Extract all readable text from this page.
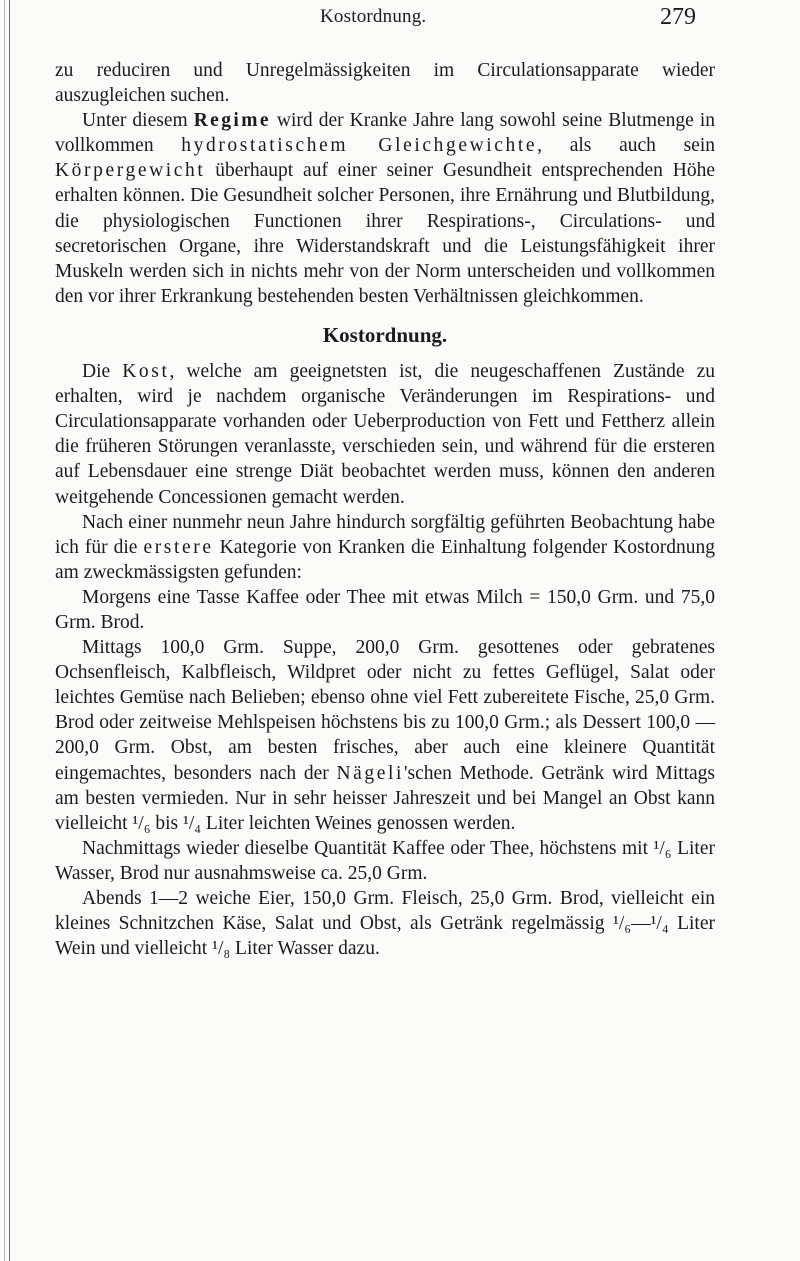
Kostordnung.	279

zu reduciren und Unregelmässigkeiten im Circulationsapparate wieder auszugleichen suchen.

Unter diesem Regime wird der Kranke Jahre lang sowohl seine Blutmenge in vollkommen hydrostatischem Gleichgewichte, als auch sein Körpergewicht überhaupt auf einer seiner Gesundheit entsprechenden Höhe erhalten können. Die Gesundheit solcher Personen, ihre Ernährung und Blutbildung, die physiologischen Functionen ihrer Respirations-, Circulations- und secretorischen Organe, ihre Widerstandskraft und die Leistungsfähigkeit ihrer Muskeln werden sich in nichts mehr von der Norm unterscheiden und vollkommen den vor ihrer Erkrankung bestehenden besten Verhältnissen gleichkommen.

Kostordnung.

Die Kost, welche am geeignetsten ist, die neugeschaffenen Zustände zu erhalten, wird je nachdem organische Veränderungen im Respirations- und Circulationsapparate vorhanden oder Ueberproduction von Fett und Fettherz allein die früheren Störungen veranlasste, verschieden sein, und während für die ersteren auf Lebensdauer eine strenge Diät beobachtet werden muss, können den anderen weitgehende Concessionen gemacht werden.

Nach einer nunmehr neun Jahre hindurch sorgfältig geführten Beobachtung habe ich für die erstere Kategorie von Kranken die Einhaltung folgender Kostordnung am zweckmässigsten gefunden:

Morgens eine Tasse Kaffee oder Thee mit etwas Milch = 150,0 Grm. und 75,0 Grm. Brod.

Mittags 100,0 Grm. Suppe, 200,0 Grm. gesottenes oder gebratenes Ochsenfleisch, Kalbfleisch, Wildpret oder nicht zu fettes Geflügel, Salat oder leichtes Gemüse nach Belieben; ebenso ohne viel Fett zubereitete Fische, 25,0 Grm. Brod oder zeitweise Mehlspeisen höchstens bis zu 100,0 Grm.; als Dessert 100,0 — 200,0 Grm. Obst, am besten frisches, aber auch eine kleinere Quantität eingemachtes, besonders nach der Nägeli'schen Methode. Getränk wird Mittags am besten vermieden. Nur in sehr heisser Jahreszeit und bei Mangel an Obst kann vielleicht ¹/₆ bis ¹/₄ Liter leichten Weines genossen werden.

Nachmittags wieder dieselbe Quantität Kaffee oder Thee, höchstens mit ¹/₆ Liter Wasser, Brod nur ausnahmsweise ca. 25,0 Grm.

Abends 1—2 weiche Eier, 150,0 Grm. Fleisch, 25,0 Grm. Brod, vielleicht ein kleines Schnitzchen Käse, Salat und Obst, als Getränk regelmässig ¹/₆—¹/₄ Liter Wein und vielleicht ¹/₈ Liter Wasser dazu.
